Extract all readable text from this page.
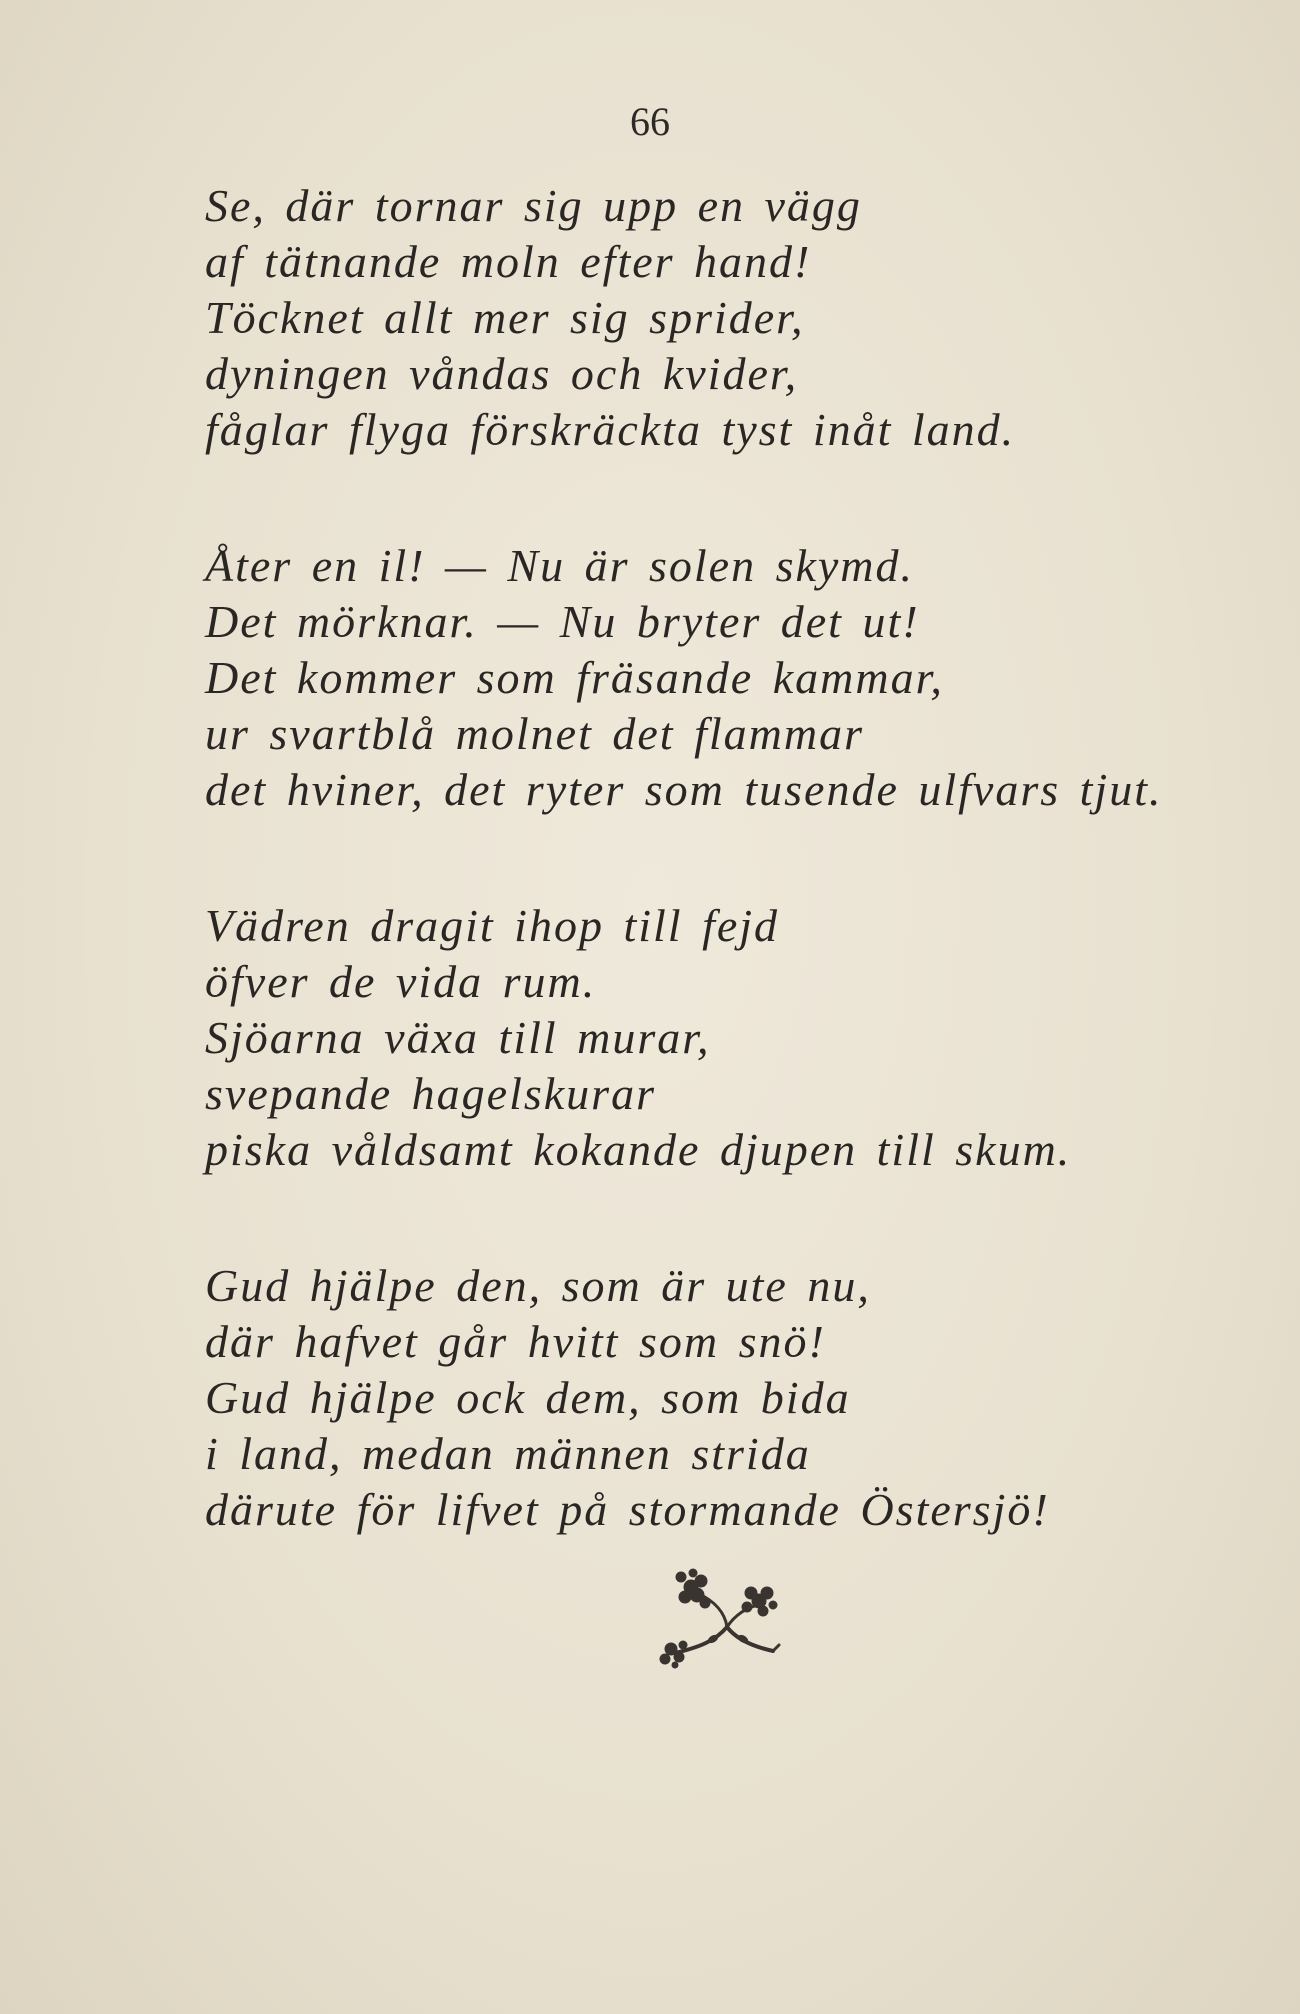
66
Se, där tornar sig upp en vägg
af tätnande moln efter hand!
Töcknet allt mer sig sprider,
dyningen våndas och kvider,
fåglar flyga förskräckta tyst inåt land.
Åter en il! — Nu är solen skymd.
Det mörknar. — Nu bryter det ut!
Det kommer som fräsande kammar,
ur svartblå molnet det flammar
det hviner, det ryter som tusende ulfvars tjut.
Vädren dragit ihop till fejd
öfver de vida rum.
Sjöarna växa till murar,
svepande hagelskurar
piska våldsamt kokande djupen till skum.
Gud hjälpe den, som är ute nu,
där hafvet går hvitt som snö!
Gud hjälpe ock dem, som bida
i land, medan männen strida
därute för lifvet på stormande Östersjö!
